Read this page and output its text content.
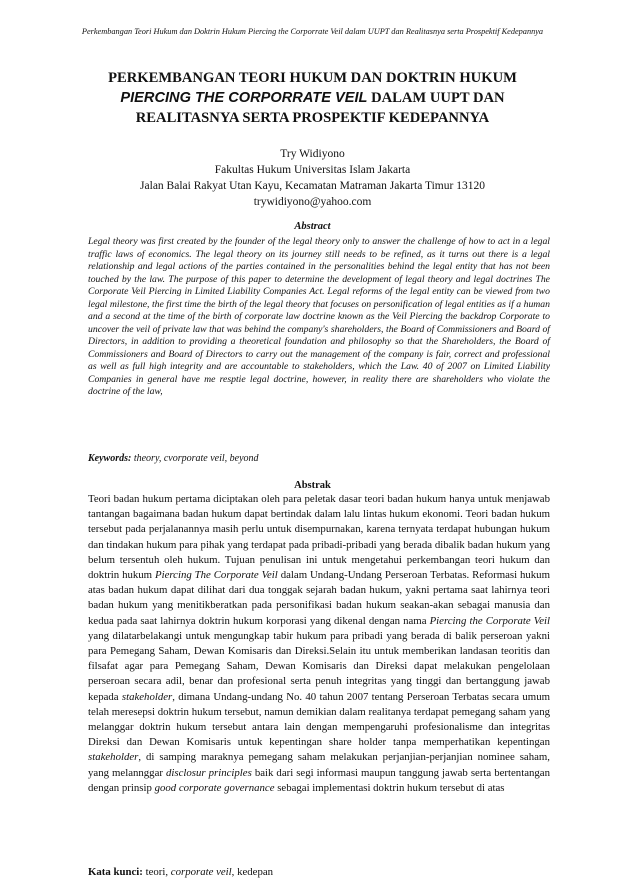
Perkembangan Teori Hukum dan Doktrin Hukum Piercing the Corporrate Veil dalam UUPT dan Realitasnya serta Prospektif Kedepannya
PERKEMBANGAN TEORI HUKUM DAN DOKTRIN HUKUM
PIERCING THE CORPORRATE VEIL DALAM UUPT DAN
REALITASNYA SERTA PROSPEKTIF KEDEPANNYA
Try Widiyono
Fakultas Hukum Universitas Islam Jakarta
Jalan Balai Rakyat Utan Kayu, Kecamatan Matraman Jakarta Timur 13120
trywidiyono@yahoo.com
Abstract
Legal theory was first created by the founder of the legal theory only to answer the challenge of how to act in a legal traffic laws of economics. The legal theory on its journey still needs to be refined, as it turns out there is a legal relationship and legal actions of the parties contained in the personalities behind the legal entity that has not been touched by the law. The purpose of this paper to determine the development of legal theory and legal doctrines The Corporate Veil Piercing in Limited Liability Companies Act. Legal reforms of the legal entity can be viewed from two legal milestone, the first time the birth of the legal theory that focuses on personification of legal entities as if a human and a second at the time of the birth of corporate law doctrine known as the Veil Piercing the backdrop Corporate to uncover the veil of private law that was behind the company's shareholders, the Board of Commissioners and Board of Directors, in addition to providing a theoretical foundation and philosophy so that the Shareholders, the Board of Commissioners and Board of Directors to carry out the management of the company is fair, correct and professional as well as full high integrity and are accountable to stakeholders, which the Law. 40 of 2007 on Limited Liability Companies in general have me resptie legal doctrine, however, in reality there are shareholders who violate the doctrine of the law,
Keywords: theory, cvorporate veil, beyond
Abstrak
Teori badan hukum pertama diciptakan oleh para peletak dasar teori badan hukum hanya untuk menjawab tantangan bagaimana badan hukum dapat bertindak dalam lalu lintas hukum ekonomi. Teori badan hukum tersebut pada perjalanannya masih perlu untuk disempurnakan, karena ternyata terdapat hubungan hukum dan tindakan hukum para pihak yang terdapat pada pribadi-pribadi yang berada dibalik badan hukum yang belum tersentuh oleh hukum. Tujuan penulisan ini untuk mengetahui perkembangan teori hukum dan doktrin hukum Piercing The Corporate Veil dalam Undang-Undang Perseroan Terbatas. Reformasi hukum atas badan hukum dapat dilihat dari dua tonggak sejarah badan hukum, yakni pertama saat lahirnya teori badan hukum yang menitikberatkan pada personifikasi badan hukum seakan-akan sebagai manusia dan kedua pada saat lahirnya doktrin hukum korporasi yang dikenal dengan nama Piercing the Corporate Veil yang dilatarbelakangi untuk mengungkap tabir hukum para pribadi yang berada di balik perseroan yakni para Pemegang Saham, Dewan Komisaris dan Direksi.Selain itu untuk memberikan landasan teoritis dan filsafat agar para Pemegang Saham, Dewan Komisaris dan Direksi dapat melakukan pengelolaan perseroan secara adil, benar dan profesional serta penuh integritas yang tinggi dan bertanggung jawab kepada stakeholder, dimana Undang-undang No. 40 tahun 2007 tentang Perseroan Terbatas secara umum telah meresepsi doktrin hukum tersebut, namun demikian dalam realitanya terdapat pemegang saham yang melanggar doktrin hukum tersebut antara lain dengan mempengaruhi profesionalisme dan integritas Direksi dan Dewan Komisaris untuk kepentingan share holder tanpa memperhatikan kepentingan stakeholder, di samping maraknya pemegang saham melakukan perjanjian-perjanjian nominee saham, yang melannggar disclosur principles baik dari segi informasi maupun tanggung jawab serta bertentangan dengan prinsip good corporate governance sebagai implementasi doktrin hukum tersebut di atas
Kata kunci: teori, corporate veil, kedepan
